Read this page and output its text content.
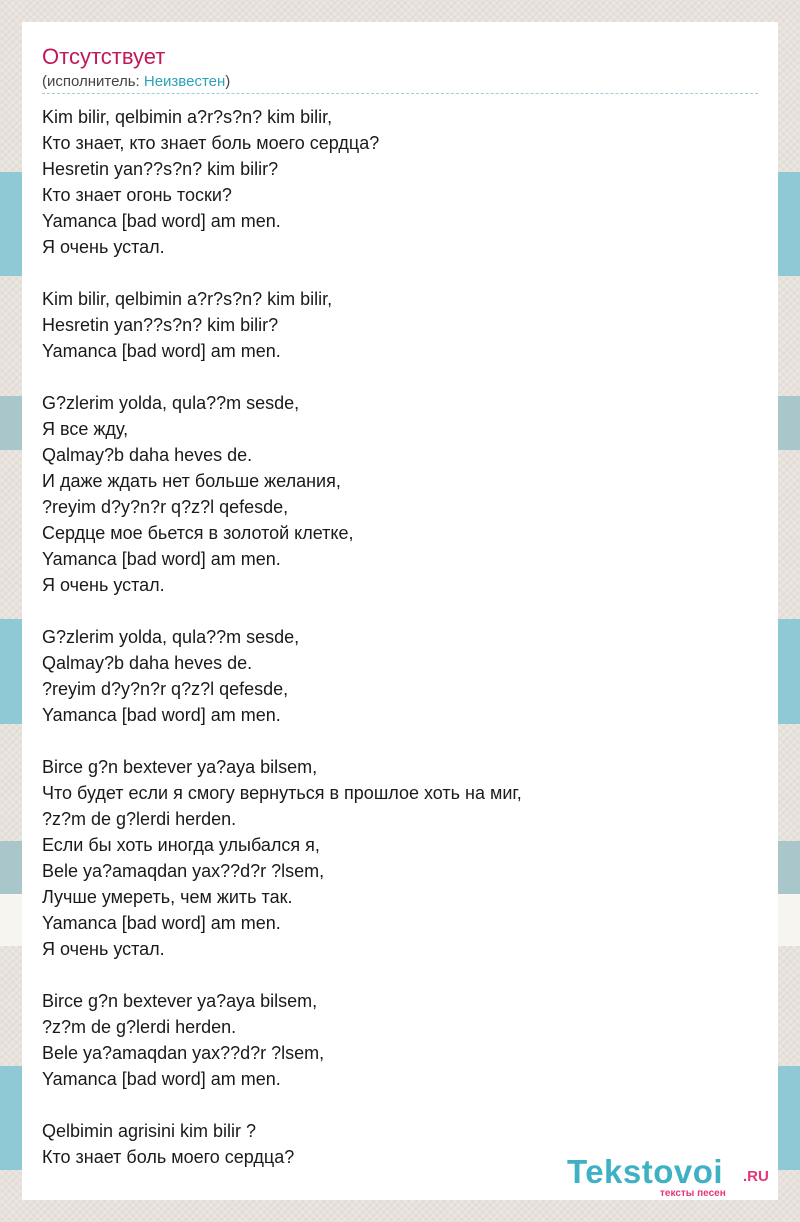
Отсутствует
(исполнитель: Неизвестен)
Kim bilir, qelbimin a?r?s?n? kim bilir,
Кто знает, кто знает боль моего сердца?
Hesretin yan??s?n? kim bilir?
Кто знает огонь тоски?
Yamanca [bad word] am men.
Я очень устал.
Kim bilir, qelbimin a?r?s?n? kim bilir,
Hesretin yan??s?n? kim bilir?
Yamanca [bad word] am men.
G?zlerim yolda, qula??m sesde,
Я все жду,
Qalmay?b daha heves de.
И даже ждать нет больше желания,
?reyim d?y?n?r q?z?l qefesde,
Сердце мое бьется в золотой клетке,
Yamanca [bad word] am men.
Я очень устал.
G?zlerim yolda, qula??m sesde,
Qalmay?b daha heves de.
?reyim d?y?n?r q?z?l qefesde,
Yamanca [bad word] am men.
Birce g?n bextever ya?aya bilsem,
Что будет если я смогу вернуться в прошлое хоть на миг,
?z?m de g?lerdi herden.
Если бы хоть иногда улыбался я,
Bele ya?amaqdan yax??d?r ?lsem,
Лучше умереть, чем жить так.
Yamanca [bad word] am men.
Я очень устал.
Birce g?n bextever ya?aya bilsem,
?z?m de g?lerdi herden.
Bele ya?amaqdan yax??d?r ?lsem,
Yamanca [bad word] am men.
Qelbimin agrisini kim bilir ?
Кто знает боль моего сердца?	Tekstovoi .RU
тексты песен
